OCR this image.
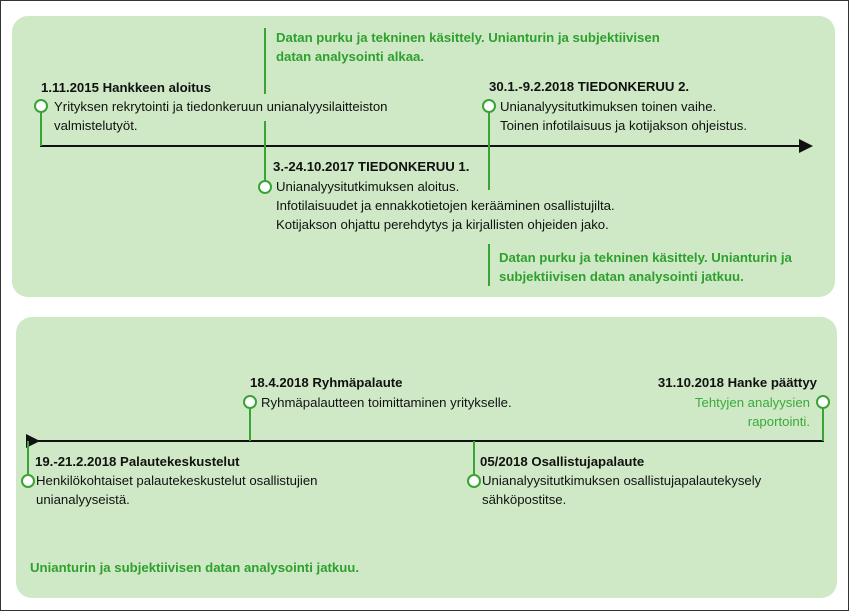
1.11.2015 Hankkeen aloitus
Yrityksen rekrytointi ja tiedonkeruun unianalyysilaitteiston
valmistelutyöt.
Datan purku ja tekninen käsittely. Unianturin ja subjektiivisen
datan analysointi alkaa.
3.-24.10.2017 TIEDONKERUU 1.
Unianalyysitutkimuksen aloitus.
Infotilaisuudet ja ennakkotietojen kerääminen osallistujilta.
Kotijakson ohjattu perehdytys ja kirjallisten ohjeiden jako.
30.1.-9.2.2018 TIEDONKERUU 2.
Unianalyysitutkimuksen toinen vaihe.
Toinen infotilaisuus ja kotijakson ohjeistus.
Datan purku ja tekninen käsittely. Unianturin ja
subjektiivisen datan analysointi jatkuu.
19.-21.2.2018 Palautekeskustelut
Henkilökohtaiset palautekeskustelut osallistujien
unianalyyseistä.
18.4.2018 Ryhmäpalaute
Ryhmäpalautteen toimittaminen yritykselle.
05/2018 Osallistujapalaute
Unianalyysitutkimuksen osallistujapalautekysely
sähköpostitse.
31.10.2018 Hanke päättyy
Tehtyjen analyysien
raportointi.
Unianturin ja subjektiivisen datan analysointi jatkuu.
